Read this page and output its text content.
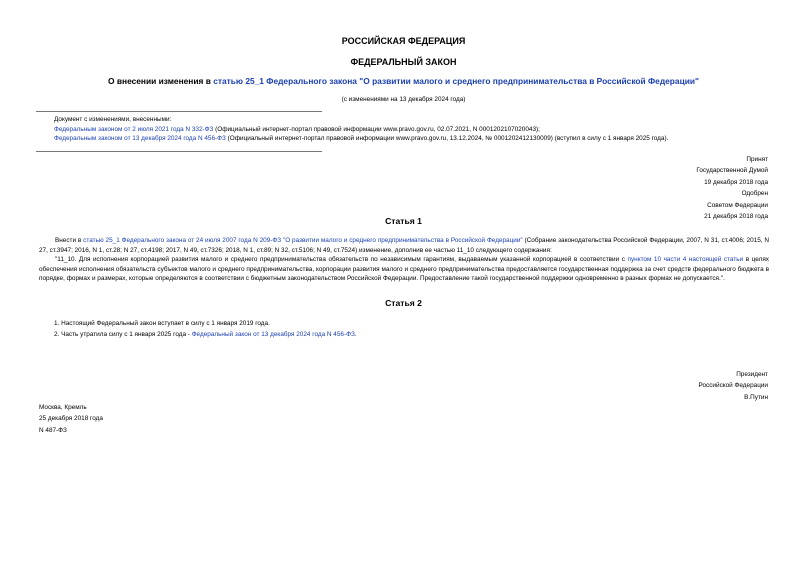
РОССИЙСКАЯ ФЕДЕРАЦИЯ
ФЕДЕРАЛЬНЫЙ ЗАКОН
О внесении изменения в статью 25_1 Федерального закона "О развитии малого и среднего предпринимательства в Российской Федерации"
(с изменениями на 13 декабря 2024 года)
Документ с изменениями, внесенными:
Федеральным законом от 2 июля 2021 года N 332-ФЗ (Официальный интернет-портал правовой информации www.pravo.gov.ru, 02.07.2021, N 0001202107020043);
Федеральным законом от 13 декабря 2024 года N 456-ФЗ (Официальный интернет-портал правовой информации www.pravo.gov.ru, 13.12.2024, № 0001202412130009) (вступил в силу с 1 января 2025 года).
Принят
Государственной Думой
19 декабря 2018 года
Одобрен
Советом Федерации
21 декабря 2018 года
Статья 1
Внести в статью 25_1 Федерального закона от 24 июля 2007 года N 209-ФЗ "О развитии малого и среднего предпринимательства в Российской Федерации" (Собрание законодательства Российской Федерации, 2007, N 31, ст.4006; 2015, N 27, ст.3947; 2016, N 1, ст.28; N 27, ст.4198; 2017, N 49, ст.7326; 2018, N 1, ст.89; N 32, ст.5106; N 49, ст.7524) изменение, дополнив ее частью 11_10 следующего содержания:
"11_10. Для исполнения корпорацией развития малого и среднего предпринимательства обязательств по независимым гарантиям, выдаваемым указанной корпорацией в соответствии с пунктом 10 части 4 настоящей статьи в целях обеспечения исполнения обязательств субъектов малого и среднего предпринимательства, корпорации развития малого и среднего предпринимательства предоставляется государственная поддержка за счет средств федерального бюджета в порядке, формах и размерах, которые определяются в соответствии с бюджетным законодательством Российской Федерации. Предоставление такой государственной поддержки одновременно в разных формах не допускается.".
Статья 2
1. Настоящий Федеральный закон вступает в силу с 1 января 2019 года.
2. Часть утратила силу с 1 января 2025 года - Федеральный закон от 13 декабря 2024 года N 456-ФЗ.
Президент
Российской Федерации
В.Путин
Москва, Кремль
25 декабря 2018 года
N 487-ФЗ
